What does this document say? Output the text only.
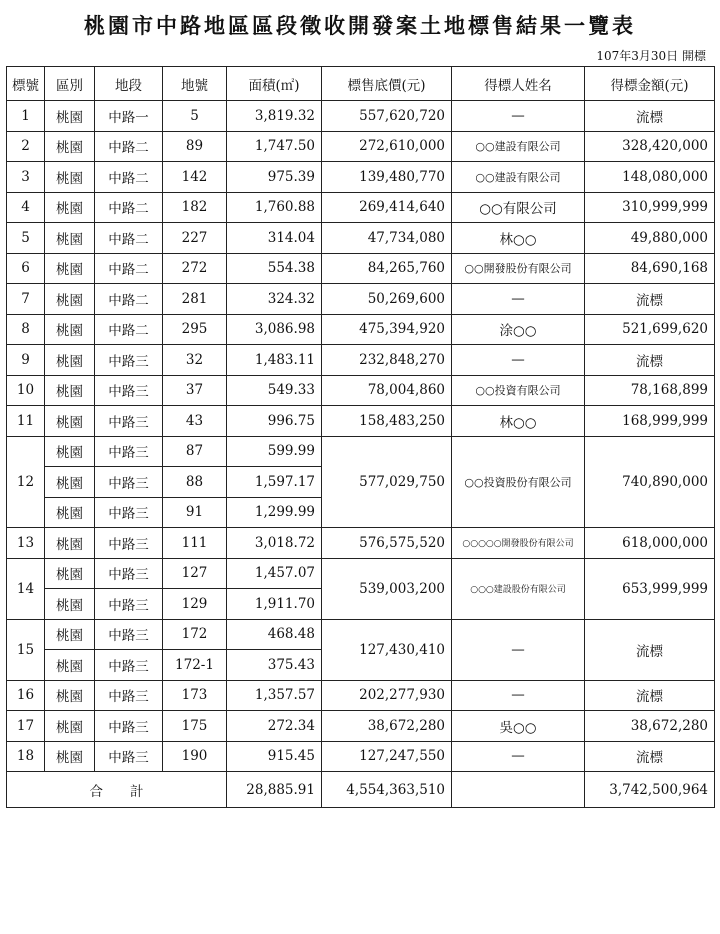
桃園市中路地區區段徵收開發案土地標售結果一覽表
107年3月30日 開標
標號	區別	地段	地號	面積(㎡)	標售底價(元)	得標人姓名	得標金額(元)
1	桃園	中路一	5	3,819.32	557,620,720	—	流標
2	桃園	中路二	89	1,747.50	272,610,000	○○建設有限公司	328,420,000
3	桃園	中路二	142	975.39	139,480,770	○○建設有限公司	148,080,000
4	桃園	中路二	182	1,760.88	269,414,640	○○有限公司	310,999,999
5	桃園	中路二	227	314.04	47,734,080	林○○	49,880,000
6	桃園	中路二	272	554.38	84,265,760	○○開發股份有限公司	84,690,168
7	桃園	中路二	281	324.32	50,269,600	—	流標
8	桃園	中路二	295	3,086.98	475,394,920	涂○○	521,699,620
9	桃園	中路三	32	1,483.11	232,848,270	—	流標
10	桃園	中路三	37	549.33	78,004,860	○○投資有限公司	78,168,899
11	桃園	中路三	43	996.75	158,483,250	林○○	168,999,999
12	桃園	中路三	87	599.99	577,029,750	○○投資股份有限公司	740,890,000
	桃園	中路三	88	1,597.17			
	桃園	中路三	91	1,299.99			
13	桃園	中路三	111	3,018.72	576,575,520	○○○○○開發股份有限公司	618,000,000
14	桃園	中路三	127	1,457.07	539,003,200	○○○建設股份有限公司	653,999,999
	桃園	中路三	129	1,911.70			
15	桃園	中路三	172	468.48	127,430,410	—	流標
	桃園	中路三	172-1	375.43			
16	桃園	中路三	173	1,357.57	202,277,930	—	流標
17	桃園	中路三	175	272.34	38,672,280	吳○○	38,672,280
18	桃園	中路三	190	915.45	127,247,550	—	流標
合　　計				28,885.91	4,554,363,510		3,742,500,964
